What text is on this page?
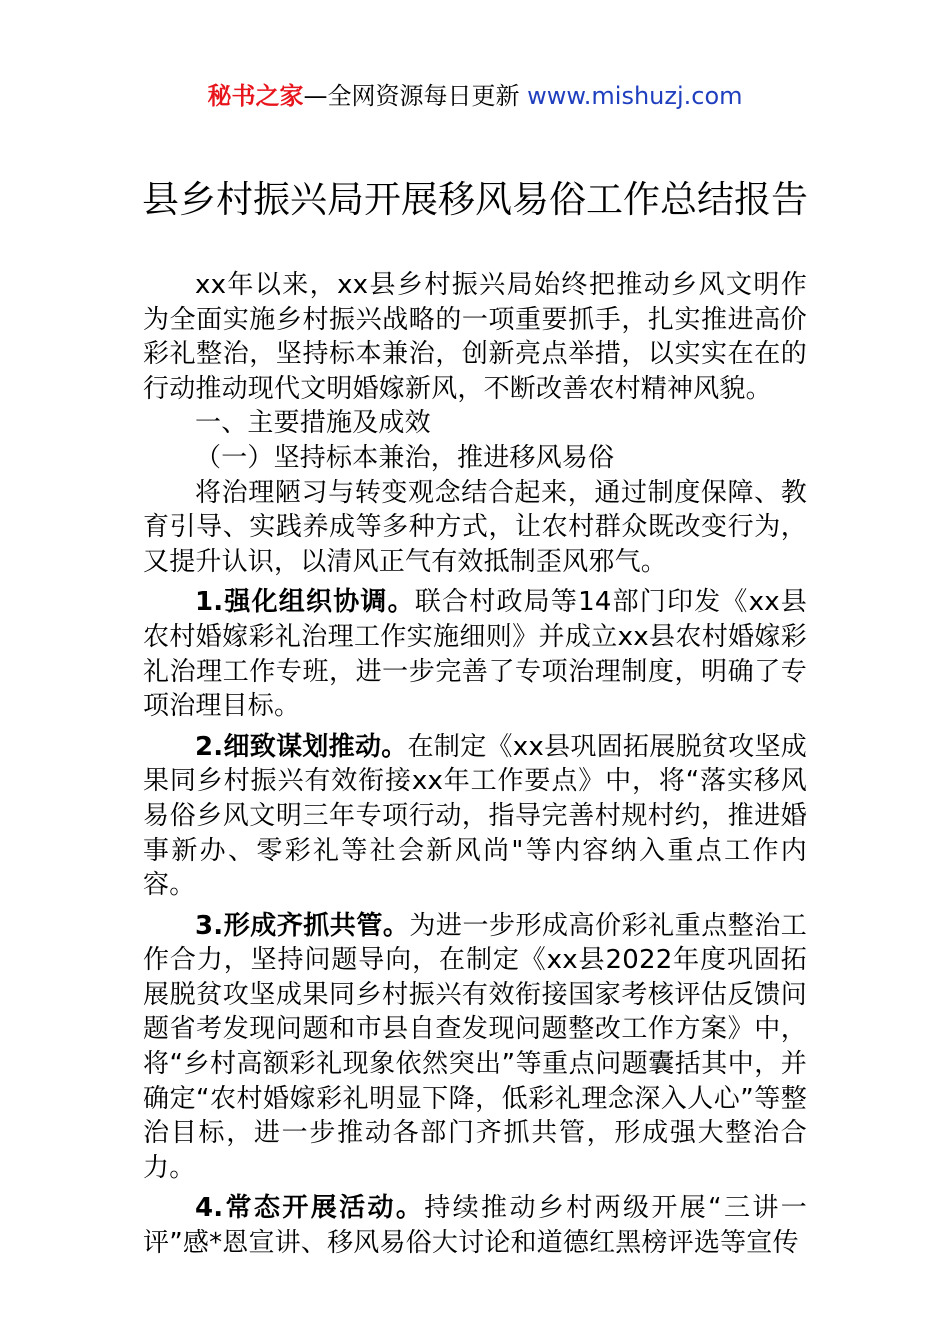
秘书之家—全网资源每日更新 www.mishuzj.com
县乡村振兴局开展移风易俗工作总结报告

xx年以来，xx县乡村振兴局始终把推动乡风文明作为全面实施乡村振兴战略的一项重要抓手，扎实推进高价彩礼整治，坚持标本兼治，创新亮点举措，以实实在在的行动推动现代文明婚嫁新风，不断改善农村精神风貌。

一、主要措施及成效

（一）坚持标本兼治，推进移风易俗

将治理陋习与转变观念结合起来，通过制度保障、教育引导、实践养成等多种方式，让农村群众既改变行为，又提升认识，以清风正气有效抵制歪风邪气。

1.强化组织协调。联合村政局等14部门印发《xx县农村婚嫁彩礼治理工作实施细则》并成立xx县农村婚嫁彩礼治理工作专班，进一步完善了专项治理制度，明确了专项治理目标。

2.细致谋划推动。在制定《xx县巩固拓展脱贫攻坚成果同乡村振兴有效衔接xx年工作要点》中，将“落实移风易俗乡风文明三年专项行动，指导完善村规村约，推进婚事新办、零彩礼等社会新风尚"等内容纳入重点工作内容。

3.形成齐抓共管。为进一步形成高价彩礼重点整治工作合力，坚持问题导向，在制定《xx县2022年度巩固拓展脱贫攻坚成果同乡村振兴有效衔接国家考核评估反馈问题省考发现问题和市县自查发现问题整改工作方案》中，将“乡村高额彩礼现象依然突出”等重点问题囊括其中，并确定“农村婚嫁彩礼明显下降，低彩礼理念深入人心”等整治目标，进一步推动各部门齐抓共管，形成强大整治合力。

4.常态开展活动。持续推动乡村两级开展“三讲一评”感*恩宣讲、移风易俗大讨论和道德红黑榜评选等宣传
